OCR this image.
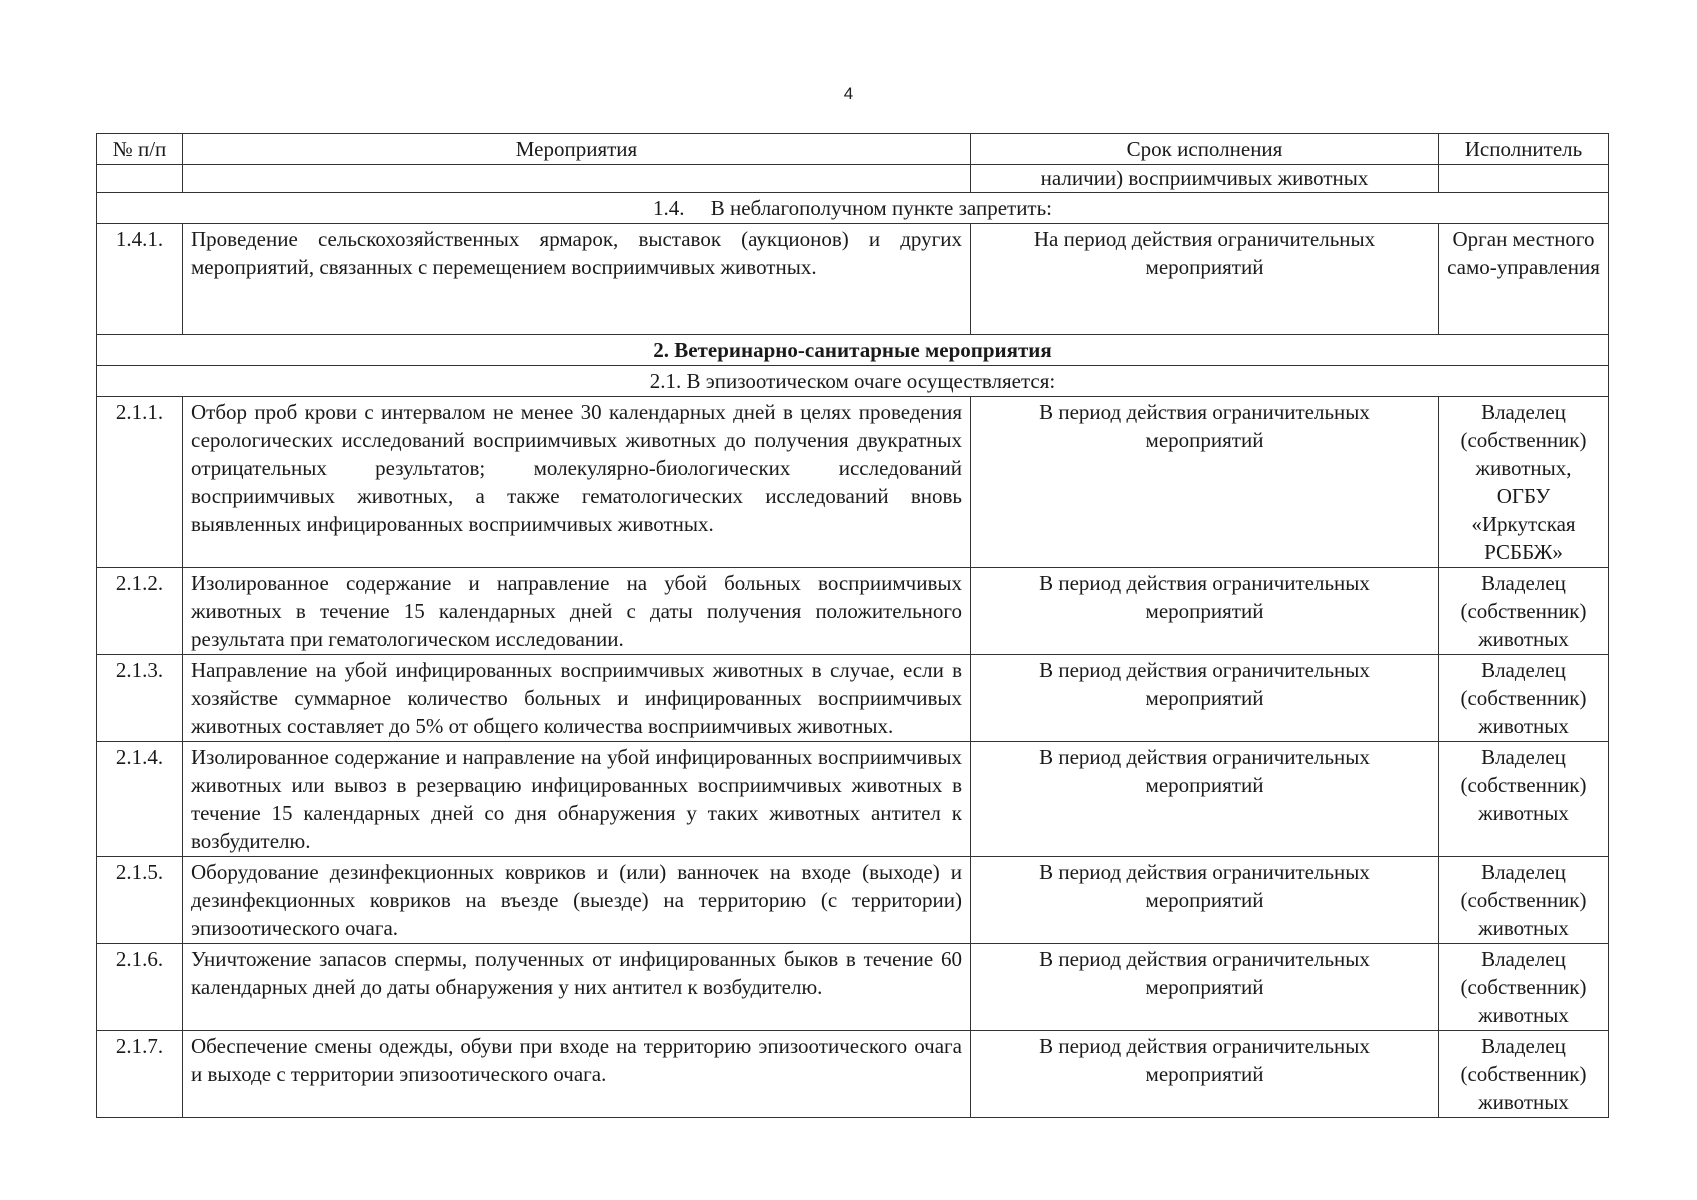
4
№ п/п	Мероприятия	Срок исполнения	Исполнитель
		наличии) восприимчивых животных	
1.4.     В неблагополучном пункте запретить:			
1.4.1.	Проведение сельскохозяйственных ярмарок, выставок (аукционов) и других мероприятий, связанных с перемещением восприимчивых животных.	На период действия ограничительных мероприятий	Орган местного само-управления
2. Ветеринарно-санитарные мероприятия			
2.1. В эпизоотическом очаге осуществляется:			
2.1.1.	Отбор проб крови с интервалом не менее 30 календарных дней в целях проведения серологических исследований восприимчивых животных до получения двукратных отрицательных результатов; молекулярно-биологических исследований восприимчивых животных, а также гематологических исследований вновь выявленных инфицированных восприимчивых животных.	В период действия ограничительных мероприятий	Владелец (собственник) животных, ОГБУ «Иркутская РСББЖ»
2.1.2.	Изолированное содержание и направление на убой больных восприимчивых животных в течение 15 календарных дней с даты получения положительного результата при гематологическом исследовании.	В период действия ограничительных мероприятий	Владелец (собственник) животных
2.1.3.	Направление на убой инфицированных восприимчивых животных в случае, если в хозяйстве суммарное количество больных и инфицированных восприимчивых животных составляет до 5% от общего количества восприимчивых животных.	В период действия ограничительных мероприятий	Владелец (собственник) животных
2.1.4.	Изолированное содержание и направление на убой инфицированных восприимчивых животных или вывоз в резервацию инфицированных восприимчивых животных в течение 15 календарных дней со дня обнаружения у таких животных антител к возбудителю.	В период действия ограничительных мероприятий	Владелец (собственник) животных
2.1.5.	Оборудование дезинфекционных ковриков и (или) ванночек на входе (выходе) и дезинфекционных ковриков на въезде (выезде) на территорию (с территории) эпизоотического очага.	В период действия ограничительных мероприятий	Владелец (собственник) животных
2.1.6.	Уничтожение запасов спермы, полученных от инфицированных быков в течение 60 календарных дней до даты обнаружения у них антител к возбудителю.	В период действия ограничительных мероприятий	Владелец (собственник) животных
2.1.7.	Обеспечение смены одежды, обуви при входе на территорию эпизоотического очага и выходе с территории эпизоотического очага.	В период действия ограничительных мероприятий	Владелец (собственник) животных
